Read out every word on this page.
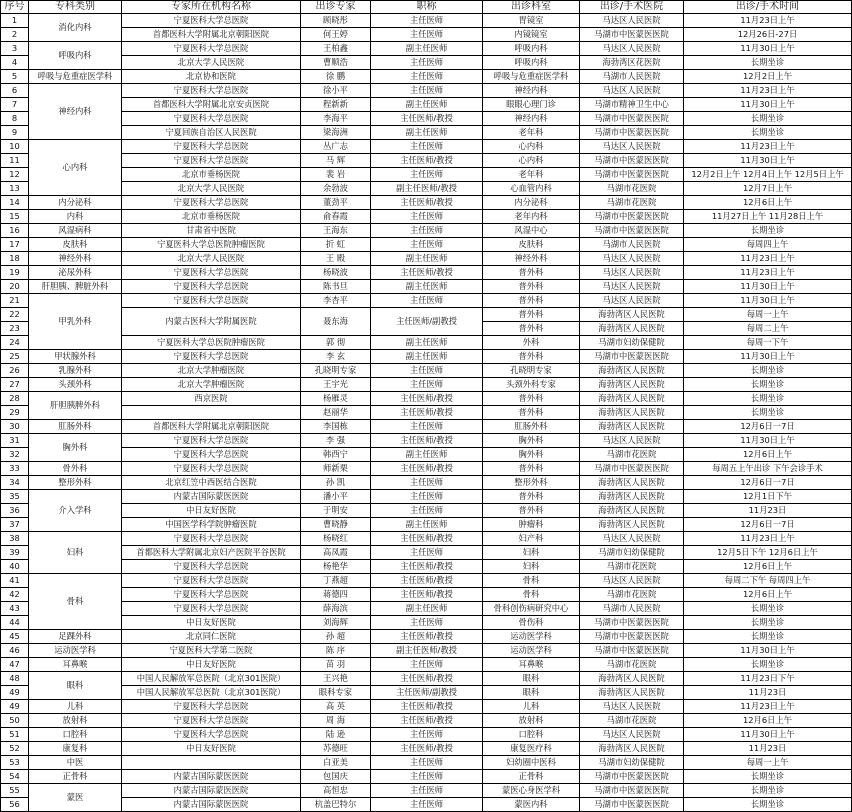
序号	专科类别	专家所在机构名称	出诊专家	职称	出诊科室	出诊/手术医院	出诊/手术时间
1	消化内科	宁夏医科大学总医院	顾晓彤	主任医师	胃镜室	马达区人民医院	11月23日上午
2		首都医科大学附属北京朝阳医院	何王婷	主任医师	内镜镜室	马湖市中医蒙医医院	12月26日-27日
3	呼吸内科	宁夏医科大学总医院	王柏鑫	副主任医师	呼吸内科	马达区人民医院	11月30日上午
4		北京大学人民医院	曹顺浩	主任医师	呼吸内科	海勃湾区花医院	长期坐诊
5	呼吸与危重症医学科	北京协和医院	徐 鹏	主任医师	呼吸与危重症医学科	马湖市人民医院	12月2日上午
6	神经内科	宁夏医科大学总医院	徐小平	主任医师	神经内科	马达区人民医院	11月23日上午
7		首都医科大学附属北京安贞医院	程新新	副主任医师	眼眼心理门诊	马湖市精神卫生中心	11月30日上午
8		宁夏医科大学总医院	李海平	主任医师/教授	神经内科	马湖市中医蒙医医院	长期坐诊
9		宁夏回族自治区人民医院	梁海洲	副主任医师	老年科	马湖市中医蒙医医院	长期坐诊
10	心内科	宁夏医科大学总医院	丛广志	主任医师	心内科	马达区人民医院	11月23日上午
11		宁夏医科大学总医院	马 辉	主任医师/教授	心内科	马湖市中医蒙医医院	11月30日上午
12		北京市垂杨医院	裴 岩	主任医师	老年科	马湖市中医蒙医医院	12月2日上午 12月4日上午 12月5日上午
13		北京大学人民医院	余勃波	副主任医师/教授	心血管内科	马湖市花医院	12月7日上午
14	内分泌科	宁夏医科大学总医院	董劲平	主任医师/教授	内分泌科	马湖市花医院	12月6日上午
15	内科	北京市垂杨医院	俞春霞	主任医师	老年内科	马湖市中医蒙医医院	11月27日上午 11月28日上午
16	风湿病科	甘肃省中医院	王海东	主任医师	风湿中心	马湖市中医蒙医医院	长期坐诊
17	皮肤科	宁夏医科大学总医院肿瘤医院	折 虹	主任医师	皮肤科	马湖市人民医院	每周四上午
18	神经外科	北京大学人民医院	王 殿	副主任医师	神经外科	马达区人民医院	11月23日上午
19	泌尿外科	宁夏医科大学总医院	杨晓波	主任医师/教授	普外科	马达区人民医院	11月23日上午
20	肝胆胰、脾脏外科	宁夏医科大学总医院	陈书旦	副主任医师	普外科	马达区人民医院	11月30日上午
21	甲乳外科	宁夏医科大学总医院	李杏平	主任医师	普外科	马达区人民医院	11月30日上午
22		内蒙古医科大学附属医院	聂东海	主任医师/副教授	普外科	海勃湾区人民医院	每周一上午
23					普外科	海勃湾区人民医院	每周二上午
24		宁夏医科大学总医院肿瘤医院	郭 彻	副主任医师	外科	马湖市妇幼保健院	每周一下午
25	甲状腺外科	宁夏医科大学总医院	李 玄	副主任医师	普外科	马湖市中医蒙医医院	11月30日上午
26	乳腺外科	北京大学肿瘤医院	孔晓明专家	主任医师	孔晓明专家	海勃湾区人民医院	长期坐诊
27	头颈外科	北京大学肿瘤医院	王宇光	主任医师	头颈外科专家	海勃湾区人民医院	长期坐诊
28	肝胆胰脾外科	西京医院	杨雁灵	主任医师/教授	普外科	海勃湾区人民医院	长期坐诊
29			赵丽华	主任医师/教授	普外科	海勃湾区人民医院	长期坐诊
30	肛肠外科	首都医科大学附属北京朝阳医院	李国栋	主任医师	肛肠外科	海勃湾区人民医院	12月6日一7日
31	胸外科	宁夏医科大学总医院	李 强	主任医师/教授	胸外科	马达区人民医院	11月30日上午
32		宁夏医科大学总医院	韩西宁	副主任医师	胸外科	马湖市花医院	12月6日上午
33	骨外科	宁夏医科大学总医院	师新栗	主任医师/教授	普外科	马湖市中医蒙医医院	每周五上午出诊 下午会诊手术
34	整形外科	北京红笠中西医结合医院	孙 凯	主任医师	整形外科	海勃湾区人民医院	12月6日一7日
35	介入学科	内蒙古国际蒙医医院	潘小平	主任医师	普外科	海勃湾区人民医院	12月1日下午
36		中日友好医院	于明安	主任医师	普外科	海勃湾区人民医院	11月23日
37		中国医学科学院肿瘤医院	曹晓静	副主任医师	肿瘤科	海勃湾区人民医院	12月6日一7日
38	妇科	宁夏医科大学总医院	杨晓红	主任医师/教授	妇产科	马达区人民医院	11月23日上午
39		首都医科大学附属北京妇产医院平谷医院	高凤霞	主任医师	妇科	马湖市妇幼保健院	12月5日下午 12月6日上午
40		宁夏医科大学总医院	杨艳华	主任医师/教授	妇科	马湖市花医院	12月6日上午
41	骨科	宁夏医科大学总医院	丁燕超	主任医师/教授	骨科	马达区人民医院	每周二下午 每周四上午
42		宁夏医科大学总医院	蒋德四	主任医师/教授	骨科	马湖市花医院	12月6日上午
43		宁夏医科大学总医院	薛海滨	副主任医师	骨科创伤病研究中心	马湖市人民医院	长期坐诊
44		中日友好医院	刘海辉	主任医师	骨伤科	马湖市中医蒙医医院	长期坐诊
45	足踝外科	北京同仁医院	孙 超	主任医师/教授	运动医学科	马湖市中医蒙医医院	长期坐诊
46	运动医学科	宁夏医科大学第二医院	陈 序	副主任医师/教授	运动医学科	马湖市中医蒙医医院	11月30日上午
47	耳鼻喉	中日友好医院	苗 羽	主任医师	耳鼻喉	马湖市花医院	长期坐诊
48	眼科	中国人民解放军总医院（北京301医院）	王兴艳	主任医师/教授	眼科	海勃湾区人民医院	11月23日下午
49		中国人民解放军总医院（北京301医院）	眼科专家	主任医师/副教授	眼科	海勃湾区人民医院	11月23日
49	儿科	宁夏医科大学总医院	高 英	主任医师/教授	儿科	马达区人民医院	11月23日上午
50	放射科	宁夏医科大学总医院	周 海	主任医师/教授	放射科	马湖市花医院	12月6日上午
51	口腔科	宁夏医科大学总医院	陆 逊	主任医师	口腔科	马达区人民医院	11月30日上午
52	康复科	中日友好医院	苏德旺	主任医师/教授	康复医疗科	海勃湾区人民医院	11月23日
53	中医		白亚美	主任医师	妇幼圈中医科	马湖市妇幼保健院	每周一上午
54	正骨科	内蒙古国际蒙医医院	包国庆	主任医师	正骨科	马湖市中医蒙医医院	长期坐诊
55	蒙医	内蒙古国际蒙医医院	高恒忠	主任医师	蒙医心身医学科	马湖市中医蒙医医院	长期坐诊
56		内蒙古国际蒙医医院	杭盖巴特尔	主任医师	蒙医内科	马湖市中医蒙医医院	长期坐诊
